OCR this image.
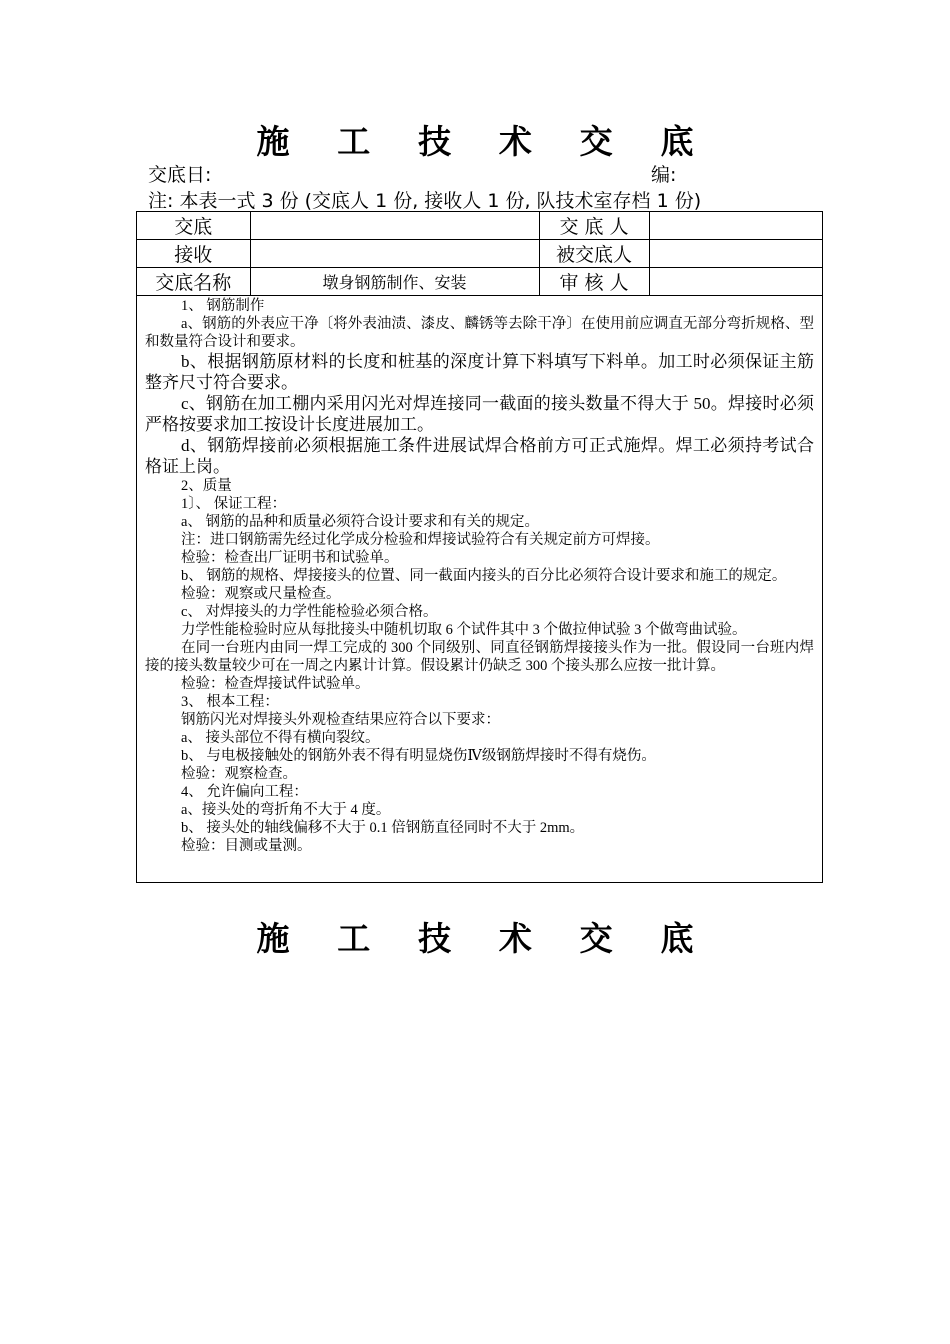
施 工 技 术 交 底
交底日:	编:
注: 本表一式 3 份 (交底人 1 份, 接收人 1 份, 队技术室存档 1 份)
交底		交 底 人	
接收		被交底人	
交底名称	墩身钢筋制作、安装	审 核 人	

1、 钢筋制作

a、钢筋的外表应干净〔将外表油渍、漆皮、麟锈等去除干净〕在使用前应调直无部分弯折规格、型和数量符合设计和要求。

b、根据钢筋原材料的长度和桩基的深度计算下料填写下料单。加工时必须保证主筋整齐尺寸符合要求。

c、钢筋在加工棚内采用闪光对焊连接同一截面的接头数量不得大于 50。焊接时必须严格按要求加工按设计长度进展加工。

d、钢筋焊接前必须根据施工条件进展试焊合格前方可正式施焊。焊工必须持考试合格证上岗。

2、质量

1〕、 保证工程：

a、 钢筋的品种和质量必须符合设计要求和有关的规定。

注：进口钢筋需先经过化学成分检验和焊接试验符合有关规定前方可焊接。

检验：检查出厂证明书和试验单。

b、 钢筋的规格、焊接接头的位置、同一截面内接头的百分比必须符合设计要求和施工的规定。

检验：观察或尺量检查。

c、 对焊接头的力学性能检验必须合格。

力学性能检验时应从每批接头中随机切取 6 个试件其中 3 个做拉伸试验 3 个做弯曲试验。

在同一台班内由同一焊工完成的 300 个同级别、同直径钢筋焊接接头作为一批。假设同一台班内焊接的接头数量较少可在一周之内累计计算。假设累计仍缺乏 300 个接头那么应按一批计算。

检验：检查焊接试件试验单。

3、 根本工程：

钢筋闪光对焊接头外观检查结果应符合以下要求：

a、 接头部位不得有横向裂纹。

b、 与电极接触处的钢筋外表不得有明显烧伤Ⅳ级钢筋焊接时不得有烧伤。

检验：观察检查。

4、 允许偏向工程：

a、接头处的弯折角不大于 4 度。

b、 接头处的轴线偏移不大于 0.1 倍钢筋直径同时不大于 2mm。

检验：目测或量测。

施 工 技 术 交 底
